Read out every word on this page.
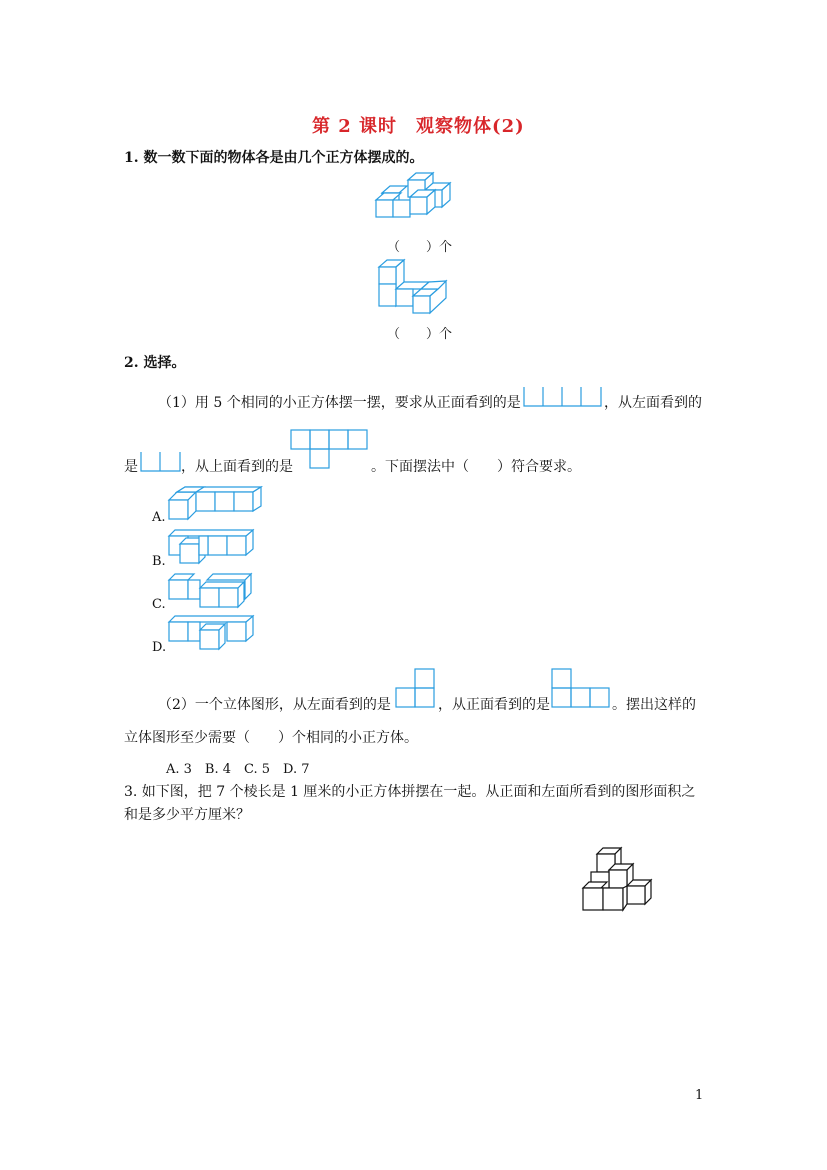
第 2 课时　观察物体(2)
1. 数一数下面的物体各是由几个正方体摆成的。
（　　）个
（　　）个
2. 选择。
（1）用 5 个相同的小正方体摆一摆，要求从正面看到的是	，从左面看到的
是	，从上面看到的是	。下面摆法中（　　）符合要求。
A.
B.
C.
D.
（2）一个立体图形，从左面看到的是	，从正面看到的是	。摆出这样的
立体图形至少需要（　　）个相同的小正方体。
A. 3　B. 4　C. 5　D. 7
3. 如下图，把 7 个棱长是 1 厘米的小正方体拼摆在一起。从正面和左面所看到的图形面积之
和是多少平方厘米？
1
